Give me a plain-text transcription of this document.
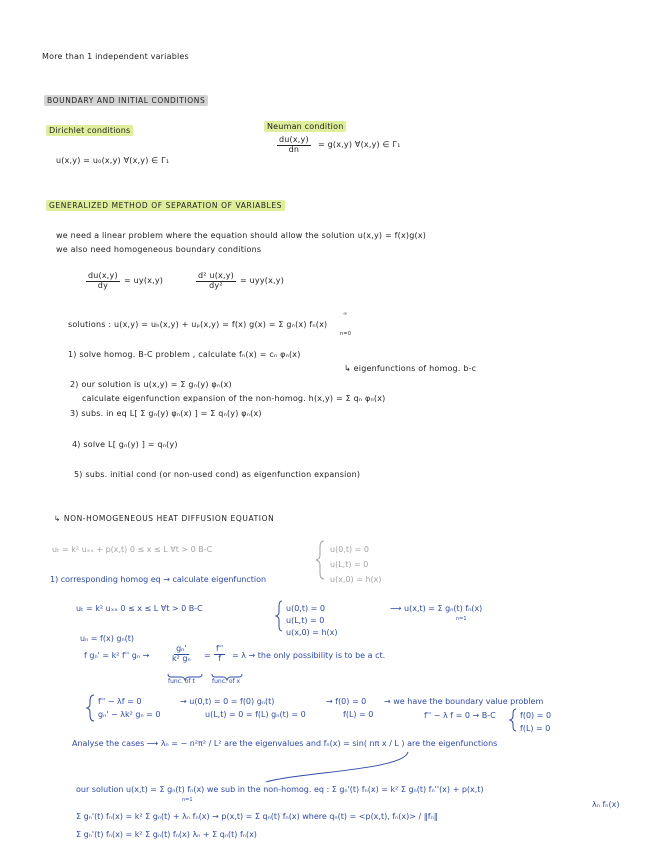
More than 1 independent variables
BOUNDARY AND INITIAL CONDITIONS
Dirichlet conditions
u(x,y) = u₀(x,y) ∀(x,y) ∈ Γ₁
Neuman condition
$\frac{du(x,y)}{dn} = g(x,y)$ ∀(x,y) ∈ Γ₁
GENERALIZED METHOD OF SEPARATION OF VARIABLES
we need a linear problem where the equation should allow the solution u(x,y) = f(x)g(x)
we also need homogeneous boundary conditions
$\frac{du(x,y)}{dy} = uy(x,y)$	$\frac{\text{d² u(x,y)}}{\text{dy²}} = uyy(x,y)$
solutions : u(x,y) = uₕ(x,y) + uₚ(x,y) = f(x) g(x) = Σ gₙ(x) fₙ(x)
∞
n=0
1) solve homog. B-C problem , calculate fₙ(x) = cₙ φₙ(x)
↳ eigenfunctions of homog. b-c
2) our solution is u(x,y) = Σ gₙ(y) φₙ(x)
calculate eigenfunction expansion of the non-homog. h(x,y) = Σ qₙ φₙ(x)
3) subs. in eq L[ Σ gₙ(y) φₙ(x) ] = Σ qₙ(y) φₙ(x)
4) solve L[ gₙ(y) ] = qₙ(y)
5) subs. initial cond (or non-used cond) as eigenfunction expansion)
↳ NON-HOMOGENEOUS HEAT DIFFUSION EQUATION
uₜ = k² uₓₓ + p(x,t) 0 ≤ x ≤ L ∀t > 0 B-C	u(0,t) = 0
u(L,t) = 0
u(x,0) = h(x)
1) corresponding homog eq → calculate eigenfunction
uₜ = k² uₓₓ 0 ≤ x ≤ L ∀t > 0 B-C	u(0,t) = 0
u(L,t) = 0
u(x,0) = h(x)
⟶ u(x,t) = Σ gₙ(t) fₙ(x)
n=1
uₙ = f(x) gₙ(t)
f gₙ' = k² f'' gₙ →	$\frac{\text{gₙ'}}{\text{k² gₙ}} = \frac{f''}{f} = \lambda$ → the only possibility is to be a ct.
func. of t	func. of x
f'' − λf = 0
gₙ' − λk² gₙ = 0
→ u(0,t) = 0 = f(0) gₙ(t)
u(L,t) = 0 = f(L) gₙ(t) = 0
→ f(0) = 0
f(L) = 0
→ we have the boundary value problem
f'' − λ f = 0 → B-C	f(0) = 0
f(L) = 0
Analyse the cases ⟶ λₙ = − n²π² / L² are the eigenvalues and fₙ(x) = sin( nπ x / L ) are the eigenfunctions
our solution u(x,t) = Σ gₙ(t) fₙ(x) we sub in the non-homog. eq : Σ gₙ'(t) fₙ(x) = k² Σ gₙ(t) fₙ''(x) + p(x,t)
n=1	λₙ fₙ(x)
Σ gₙ'(t) fₙ(x) = k² Σ gₙ(t) + λₙ fₙ(x) → p(x,t) = Σ qₙ(t) fₙ(x) where qₙ(t) = <p(x,t), fₙ(x)> / ‖fₙ‖
Σ gₙ'(t) fₙ(x) = k² Σ gₙ(t) fₙ(x) λₙ + Σ qₙ(t) fₙ(x)
